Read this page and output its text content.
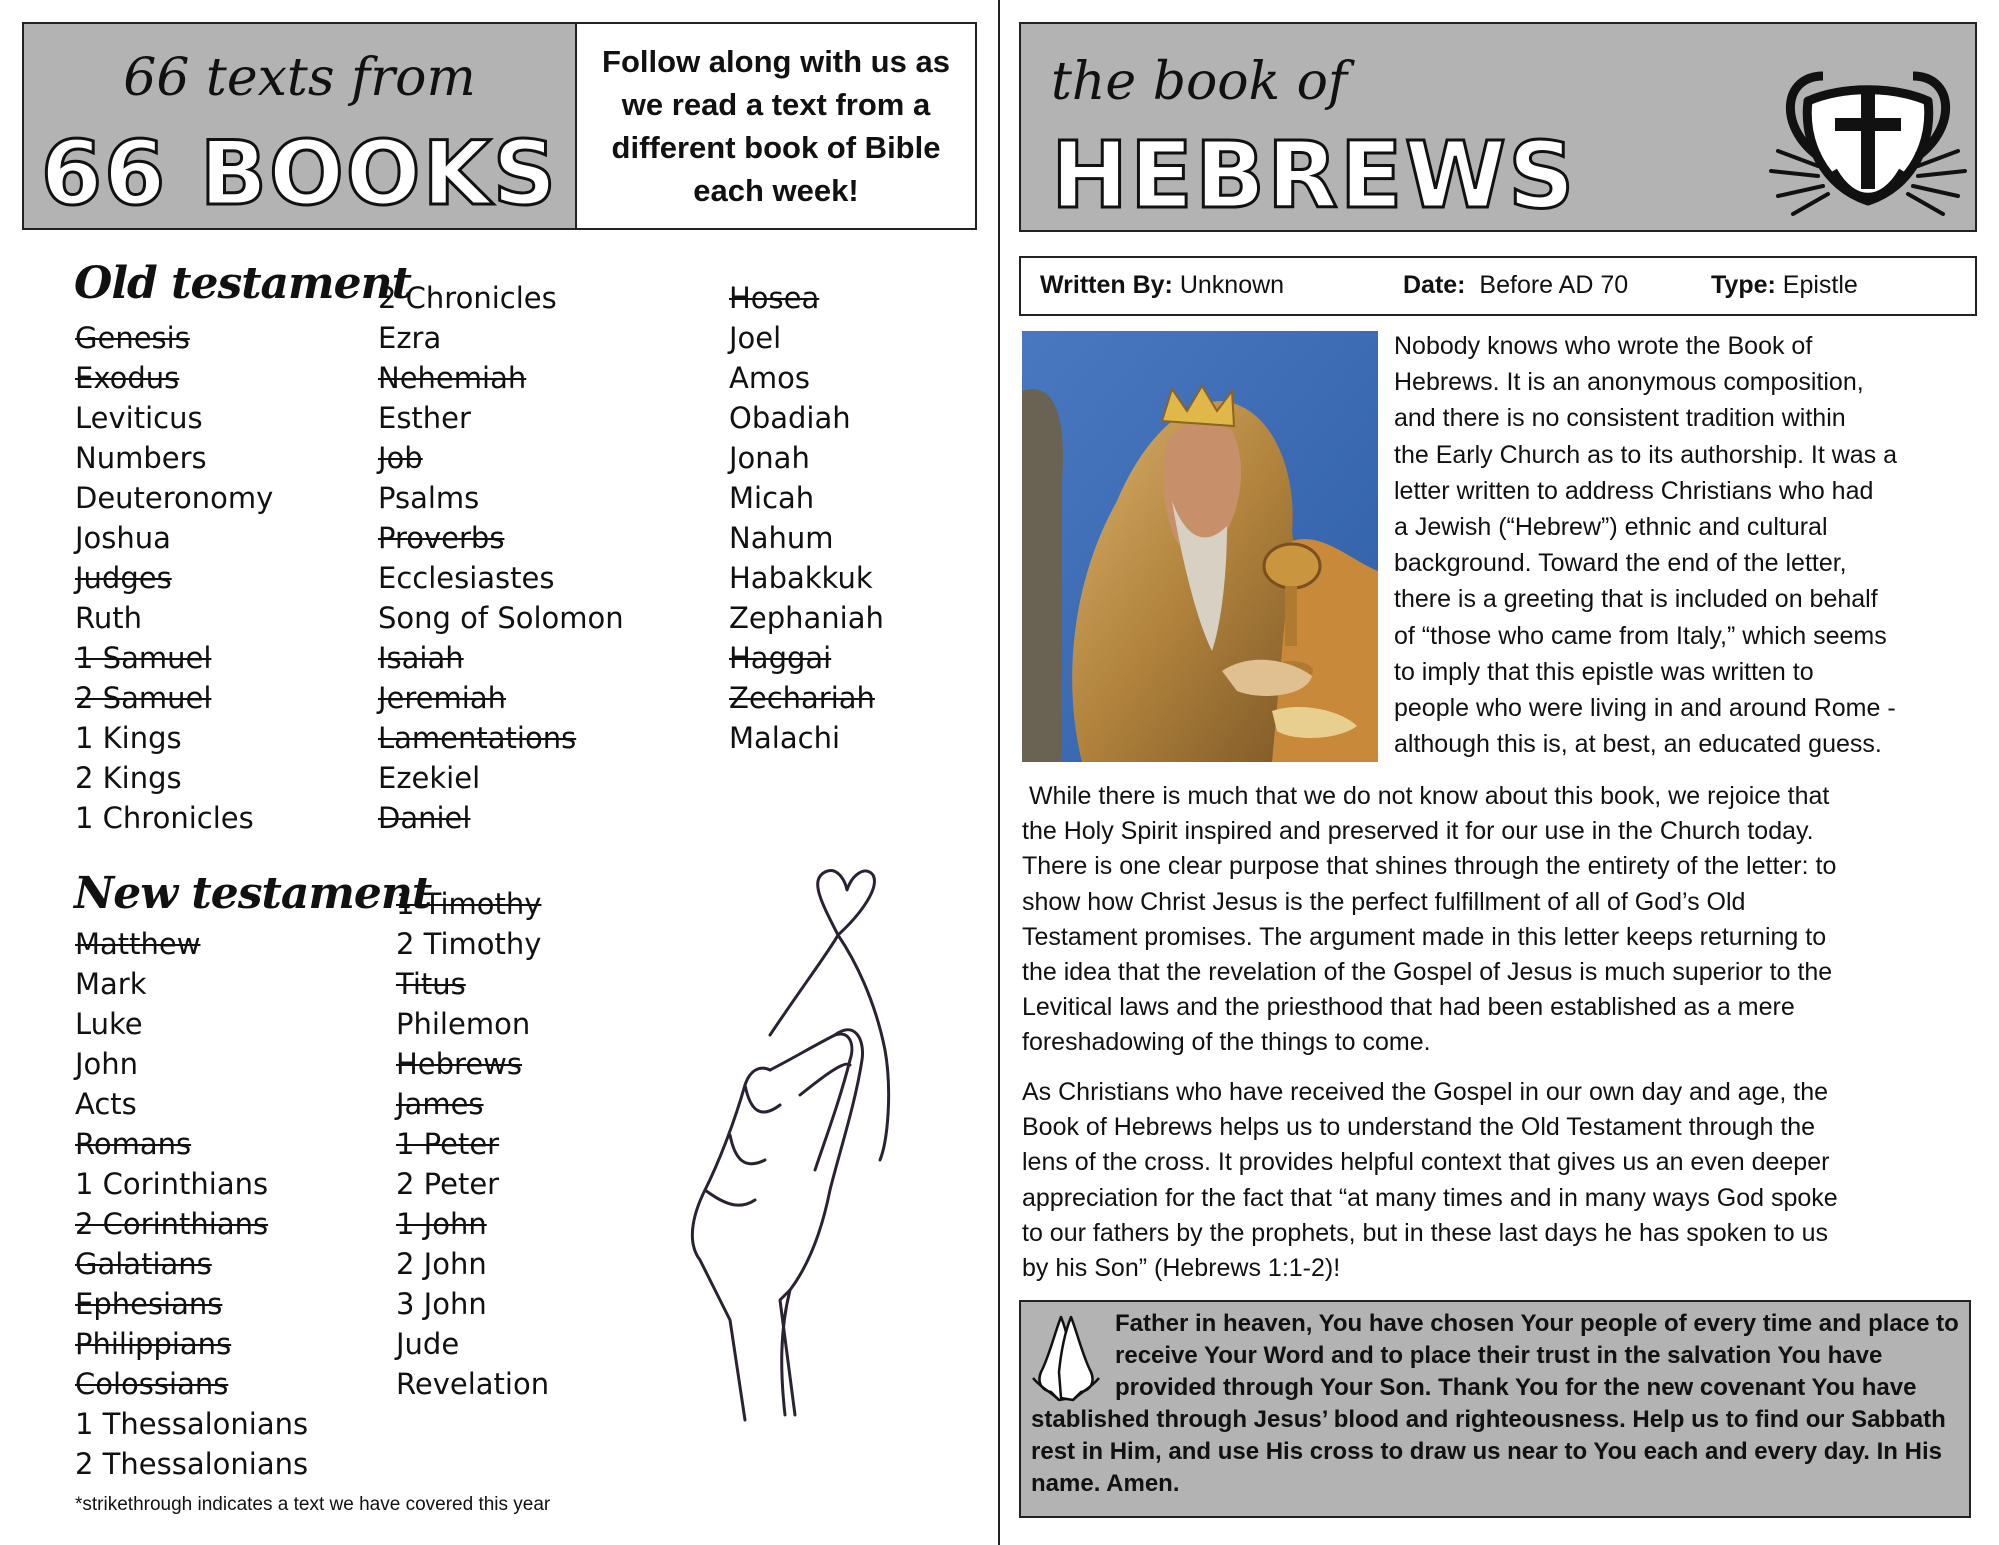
66 texts from
66 BOOKS
Follow along with us as we read a text from a different book of Bible each week!
Old testament
Genesis
Exodus
Leviticus
Numbers
Deuteronomy
Joshua
Judges
Ruth
1 Samuel
2 Samuel
1 Kings
2 Kings
1 Chronicles
2 Chronicles
Ezra
Nehemiah
Esther
Job
Psalms
Proverbs
Ecclesiastes
Song of Solomon
Isaiah
Jeremiah
Lamentations
Ezekiel
Daniel
Hosea
Joel
Amos
Obadiah
Jonah
Micah
Nahum
Habakkuk
Zephaniah
Haggai
Zechariah
Malachi
New testament
Matthew
Mark
Luke
John
Acts
Romans
1 Corinthians
2 Corinthians
Galatians
Ephesians
Philippians
Colossians
1 Thessalonians
2 Thessalonians
1 Timothy
2 Timothy
Titus
Philemon
Hebrews
James
1 Peter
2 Peter
1 John
2 John
3 John
Jude
Revelation
*strikethrough indicates a text we have covered this year
the book of
HEBREWS
Written By: Unknown	Date: Before AD 70	Type: Epistle
Nobody knows who wrote the Book of
Hebrews. It is an anonymous composition,
and there is no consistent tradition within
the Early Church as to its authorship. It was a
letter written to address Christians who had
a Jewish (“Hebrew”) ethnic and cultural
background. Toward the end of the letter,
there is a greeting that is included on behalf
of “those who came from Italy,” which seems
to imply that this epistle was written to
people who were living in and around Rome -
although this is, at best, an educated guess.
While there is much that we do not know about this book, we rejoice that
the Holy Spirit inspired and preserved it for our use in the Church today.
There is one clear purpose that shines through the entirety of the letter: to
show how Christ Jesus is the perfect fulfillment of all of God’s Old
Testament promises. The argument made in this letter keeps returning to
the idea that the revelation of the Gospel of Jesus is much superior to the
Levitical laws and the priesthood that had been established as a mere
foreshadowing of the things to come.
As Christians who have received the Gospel in our own day and age, the
Book of Hebrews helps us to understand the Old Testament through the
lens of the cross. It provides helpful context that gives us an even deeper
appreciation for the fact that “at many times and in many ways God spoke
to our fathers by the prophets, but in these last days he has spoken to us
by his Son” (Hebrews 1:1-2)!
Father in heaven, You have chosen Your people of every time and place to receive Your Word and to place their trust in the salvation You have provided through Your Son. Thank You for the new covenant You have stablished through Jesus’ blood and righteousness. Help us to find our Sabbath rest in Him, and use His cross to draw us near to You each and every day. In His name. Amen.
